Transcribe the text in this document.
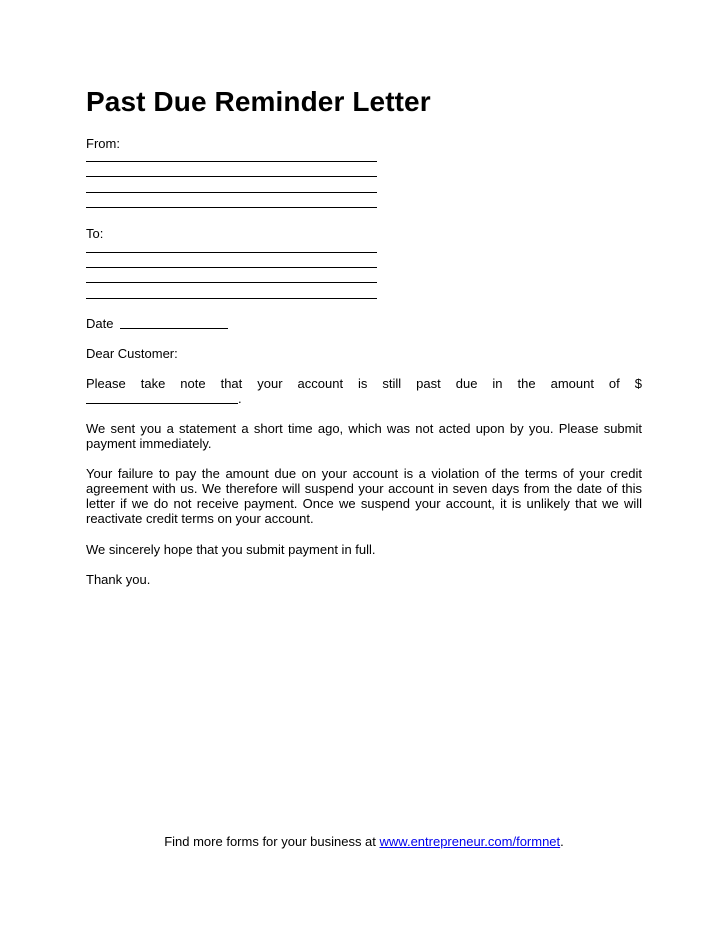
Past Due Reminder Letter
From:
To:
Date
Dear Customer:

Please take note that your account is still past due in the amount of $

.

We sent you a statement a short time ago, which was not acted upon by you. Please submit payment immediately.

Your failure to pay the amount due on your account is a violation of the terms of your credit agreement with us. We therefore will suspend your account in seven days from the date of this letter if we do not receive payment. Once we suspend your account, it is unlikely that we will reactivate credit terms on your account.

We sincerely hope that you submit payment in full.

Thank you.

Find more forms for your business at www.entrepreneur.com/formnet.
